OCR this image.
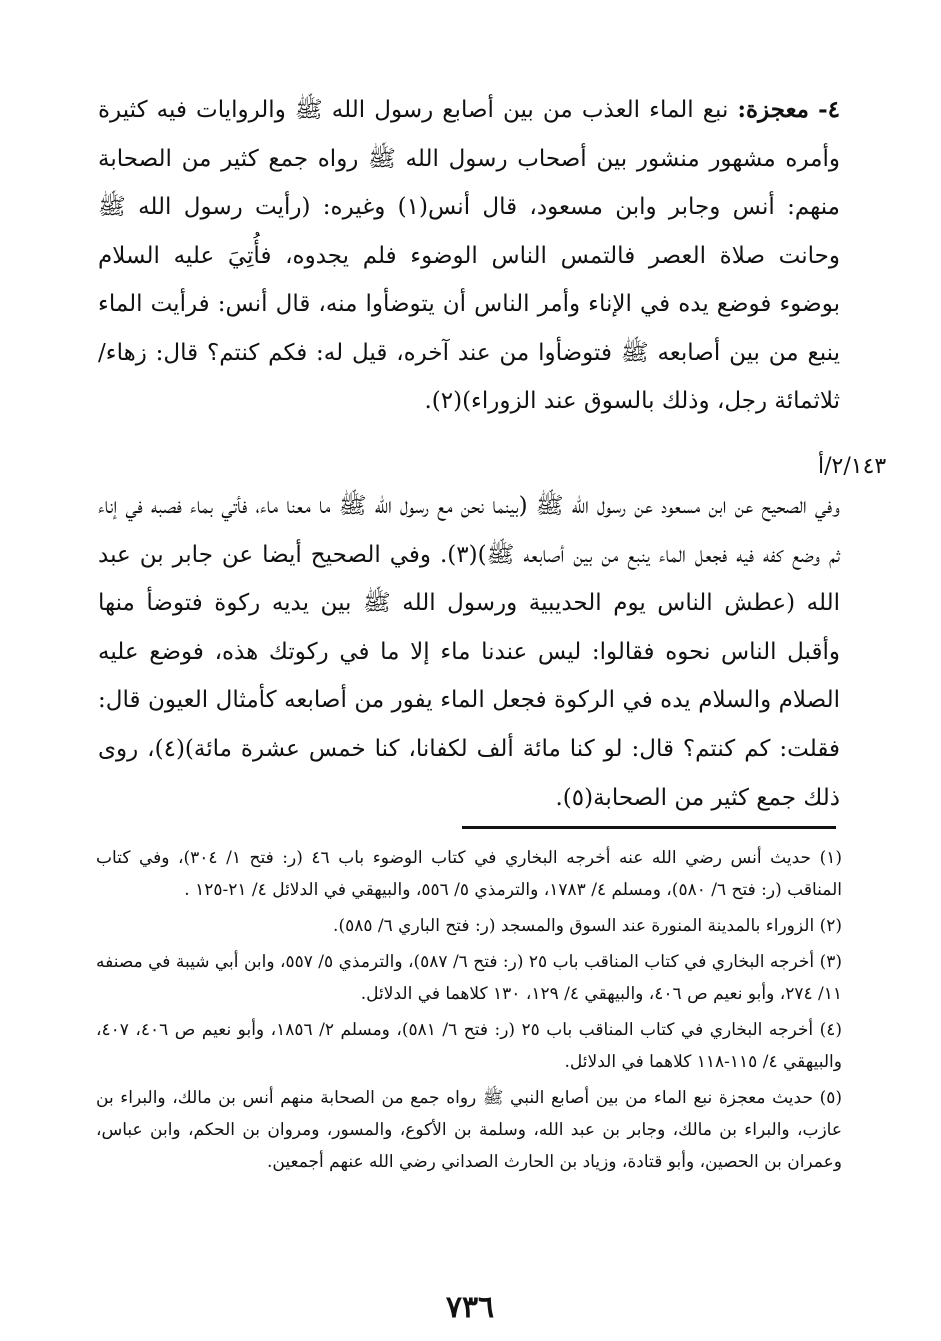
٤- معجزة: نبع الماء العذب من بين أصابع رسول الله ﷺ والروايات فيه كثيرة وأمره مشهور منشور بين أصحاب رسول الله ﷺ رواه جمع كثير من الصحابة منهم: أنس وجابر وابن مسعود، قال أنس(١) وغيره: (رأيت رسول الله ﷺ وحانت صلاة العصر فالتمس الناس الوضوء فلم يجدوه، فأُتِيَ عليه السلام بوضوء فوضع يده في الإناء وأمر الناس أن يتوضأوا منه، قال أنس: فرأيت الماء ينبع من بين أصابعه ﷺ فتوضأوا من عند آخره، قيل له: فكم كنتم؟ قال: زهاء/ ثلاثمائة رجل، وذلك بالسوق عند الزوراء)(٢).

٢/١٤٣/أ

وفي الصحيح عن ابن مسعود عن رسول الله ﷺ (بينما نحن مع رسول الله ﷺ ما معنا ماء، فأتي بماء فصبه في إناء ثم وضع كفه فيه فجعل الماء ينبع من بين أصابعه ﷺ)(٣). وفي الصحيح أيضا عن جابر بن عبد الله (عطش الناس يوم الحديبية ورسول الله ﷺ بين يديه ركوة فتوضأ منها وأقبل الناس نحوه فقالوا: ليس عندنا ماء إلا ما في ركوتك هذه، فوضع عليه الصلام والسلام يده في الركوة فجعل الماء يفور من أصابعه كأمثال العيون قال: فقلت: كم كنتم؟ قال: لو كنا مائة ألف لكفانا، كنا خمس عشرة مائة)(٤)، روى ذلك جمع كثير من الصحابة(٥).

(١) حديث أنس رضي الله عنه أخرجه البخاري في كتاب الوضوء باب ٤٦ (ر: فتح ١/ ٣٠٤)، وفي كتاب المناقب (ر: فتح ٦/ ٥٨٠)، ومسلم ٤/ ١٧٨٣، والترمذي ٥/ ٥٥٦، والبيهقي في الدلائل ٤/ ٢١-١٢٥ .

(٢) الزوراء بالمدينة المنورة عند السوق والمسجد (ر: فتح الباري ٦/ ٥٨٥).

(٣) أخرجه البخاري في كتاب المناقب باب ٢٥ (ر: فتح ٦/ ٥٨٧)، والترمذي ٥/ ٥٥٧، وابن أبي شيبة في مصنفه ١١/ ٢٧٤، وأبو نعيم ص ٤٠٦، والبيهقي ٤/ ١٢٩، ١٣٠ كلاهما في الدلائل.

(٤) أخرجه البخاري في كتاب المناقب باب ٢٥ (ر: فتح ٦/ ٥٨١)، ومسلم ٢/ ١٨٥٦، وأبو نعيم ص ٤٠٦، ٤٠٧، والبيهقي ٤/ ١١٥-١١٨ كلاهما في الدلائل.

(٥) حديث معجزة نبع الماء من بين أصابع النبي ﷺ رواه جمع من الصحابة منهم أنس بن مالك، والبراء بن عازب، والبراء بن مالك، وجابر بن عبد الله، وسلمة بن الأكوع، والمسور، ومروان بن الحكم، وابن عباس، وعمران بن الحصين، وأبو قتادة، وزياد بن الحارث الصداني رضي الله عنهم أجمعين.

٧٣٦
